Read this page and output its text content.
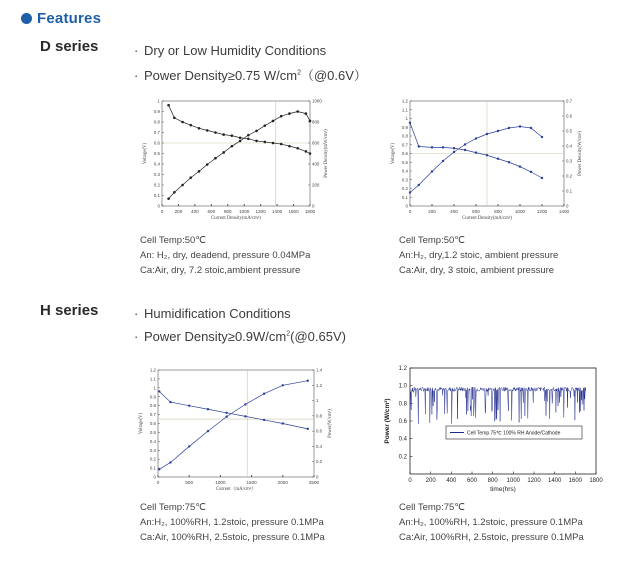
Features
D series	· Dry or Low Humidity Conditions
· Power Density≥0.75 $W/cm^2(@0.6V)$
0 200 400 600 800 1000 1200 1400 1600 1800
0
0.1
0.2
0.3
0.4
0.5
0.6
0.7
0.8
0.9
1
0
200
400
600
800
1000
Current Density(mA/cm²)
Voltage(V)	Power Density(mW/cm²)
0	200	400	600	800	1000	1200	1400
0
0.1
0.2
0.3
0.4
0.5
0.6
0.7
0.8
0.9
1
1.1
1.2
0
0.1
0.2
0.3
0.4
0.5
0.6
0.7
Current Density(mA/cm²)
Voltage(V)	Power Density(W/cm²)
Cell Temp:50℃
An: H₂, dry, deadend, pressure 0.04MPa
Ca:Air, dry, 7.2 stoic,ambient pressure
Cell Temp:50℃
An:H₂, dry,1.2 stoic, ambient pressure
Ca:Air, dry, 3 stoic, ambient pressure
H series	· Humidification Conditions
· Power $Density\ge 0.9W/cm^2(@0.65V)$
0	500	1000	1500	2000	2500
0
0.1
0.2
0.3
0.4
0.5
0.6
0.7
0.8
0.9
1
1.1
1.2
0
0.2
0.4
0.6
0.8
1
1.2
1.4
Current（mA/cm²）
Voltage(V)	Power(W/cm²)
0 200 400 600 800 1000 1200 1400 1600 1800
0.2
0.4
0.6
0.8
1.0
1.2
time(hrs)
Power (W/cm²)	Cell Temp 75℃ 100% RH Anode/Cathode
Cell Temp:75℃
An:H₂, 100%RH, 1.2stoic, pressure 0.1MPa
Ca:Air, 100%RH, 2.5stoic, pressure 0.1MPa
Cell Temp:75℃
An:H₂, 100%RH, 1.2stoic, pressure 0.1MPa
Ca:Air, 100%RH, 2.5stoic, pressure 0.1MPa
